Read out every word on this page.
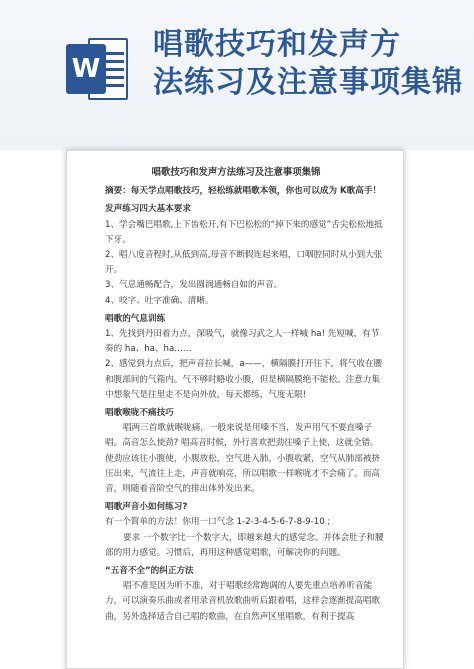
W
唱歌技巧和发声方
法练习及注意事项集锦

唱歌技巧和发声方法练习及注意事项集锦

摘要：每天学点唱歌技巧，轻松练就唱歌本领，你也可以成为 K歌高手！

发声练习四大基本要求

1、学会嘴巴唱歌,上下齿松开,有下巴松松的“掉下来的感觉”舌尖松松地抵下牙。

2、唱八度音程时,从低到高,母音不断假连起来唱，口咽腔同时从小到大张开。

3、气息通畅配合，发出圆润通畅自如的声音。

4、咬字、吐字准确、清晰。

唱歌的气息训练

1、先找到丹田着力点，深吸气，就像习武之人一样喊 ha! 先短喊，有节奏的 ha、ha、ha……

2、感觉到力点后，把声音拉长喊，a——，横隔膜打开往下，将气收在腰和腹部间的气箱内。气不够时略收小腹，但是横隔膜绝不能松。注意力集中想象气是往里走不是向外放，每天都练，气度无限!

唱歌喉咙不痛技巧

唱两三首歌就喉咙痛，一般来说是用嗓不当，发声用气不要直嗓子唱。高音怎么使劲? 唱高音时候，外行喜欢把劲往嗓子上使，这就全错。使劲应该往小腹使，小腹放松，空气进入肺。小腹收紧，空气从肺部被挤压出来，气流往上走，声音就响亮，所以唱歌一样喉咙才不会痛了。而高音，则随着音阶空气的排出体外发出来。

唱歌声音小如何练习?

有一个简单的方法！你用一口气念 1-2-3-4-5-6-7-8-9-10 ;

要求 一个数字比一个数字大，即越来越大的感觉念。并体会肚子和腰部的用力感觉。习惯后，再用这种感觉唱歌，可解决你的问题。

“五音不全”的纠正方法

唱不准是因为听不准，对于唱歌经常跑调的人要先重点培养听音能力，可以演奏乐曲或者用录音机放歌曲听后跟着唱，这样会逐渐提高唱歌曲，另外选择适合自己唱的歌曲，在自然声区里唱歌，有利于提高
